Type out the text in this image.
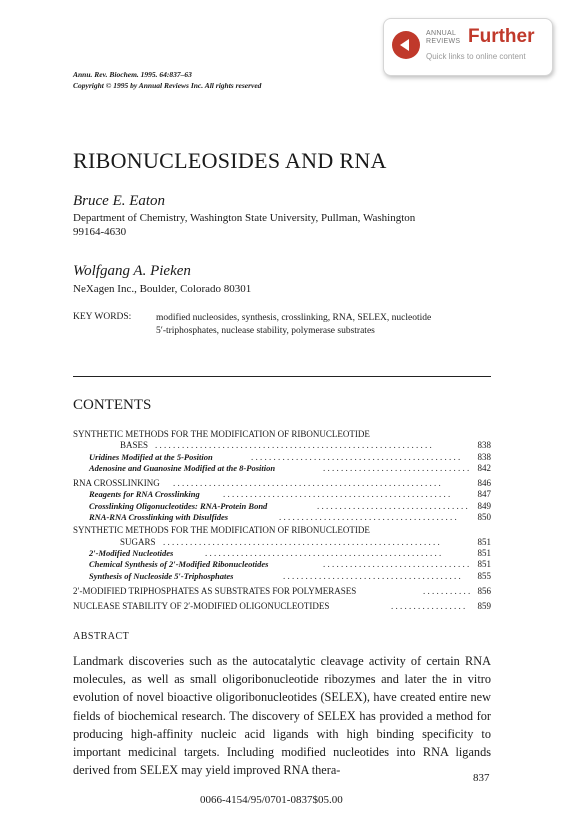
ANNUAL
REVIEWS Further
Quick links to online content
Annu. Rev. Biochem. 1995. 64:837–63
Copyright © 1995 by Annual Reviews Inc. All rights reserved
RIBONUCLEOSIDES AND RNA
Bruce E. Eaton
Department of Chemistry, Washington State University, Pullman, Washington
99164-4630
Wolfgang A. Pieken
NeXagen Inc., Boulder, Colorado 80301
KEY WORDS:	modified nucleosides, synthesis, crosslinking, RNA, SELEX, nucleotide
5′-triphosphates, nuclease stability, polymerase substrates
CONTENTS
SYNTHETIC METHODS FOR THE MODIFICATION OF RIBONUCLEOTIDE
BASES . . . . . . . . . . . . . . . . . . . . . . . . . . . . . . . . . . . . . . . . . . . . . . . . . . . . . . . . . . . . . .	838
Uridines Modified at the 5-Position	. . . . . . . . . . . . . . . . . . . . . . . . . . . . . . . . . . . . . . . . . . . . . . . 838
Adenosine and Guanosine Modified at the 8-Position	. . . . . . . . . . . . . . . . . . . . . . . . . . . . . . . . . 842
RNA CROSSLINKING . . . . . . . . . . . . . . . . . . . . . . . . . . . . . . . . . . . . . . . . . . . . . . . . . . . . . . . . . . . .	846
Reagents for RNA Crosslinking	. . . . . . . . . . . . . . . . . . . . . . . . . . . . . . . . . . . . . . . . . . . . . . . . . . .	847
Crosslinking Oligonucleotides: RNA-Protein Bond	. . . . . . . . . . . . . . . . . . . . . . . . . . . . . . . . . . 849
RNA-RNA Crosslinking with Disulfides	. . . . . . . . . . . . . . . . . . . . . . . . . . . . . . . . . . . . . . . . 850
SYNTHETIC METHODS FOR THE MODIFICATION OF RIBONUCLEOTIDE
SUGARS . . . . . . . . . . . . . . . . . . . . . . . . . . . . . . . . . . . . . . . . . . . . . . . . . . . . . . . . . . . . . .	851
2′-Modified Nucleotides	. . . . . . . . . . . . . . . . . . . . . . . . . . . . . . . . . . . . . . . . . . . . . . . . . . . . .	851
Chemical Synthesis of 2′-Modified Ribonucleotides	. . . . . . . . . . . . . . . . . . . . . . . . . . . . . . . . . 851
Synthesis of Nucleoside 5′-Triphosphates	. . . . . . . . . . . . . . . . . . . . . . . . . . . . . . . . . . . . . . . . 855
2′-MODIFIED TRIPHOSPHATES AS SUBSTRATES FOR POLYMERASES	. . . . . . . . . . . 856
NUCLEASE STABILITY OF 2′-MODIFIED OLIGONUCLEOTIDES	. . . . . . . . . . . . . . . . . 859
ABSTRACT
Landmark discoveries such as the autocatalytic cleavage activity of certain RNA molecules, as well as small oligoribonucleotide ribozymes and later the in vitro evolution of novel bioactive oligoribonucleotides (SELEX), have created entire new fields of biochemical research. The discovery of SELEX has provided a method for producing high-affinity nucleic acid ligands with high binding specificity to important medicinal targets. Including modified nucleotides into RNA ligands derived from SELEX may yield improved RNA thera-
837
0066-4154/95/0701-0837$05.00
